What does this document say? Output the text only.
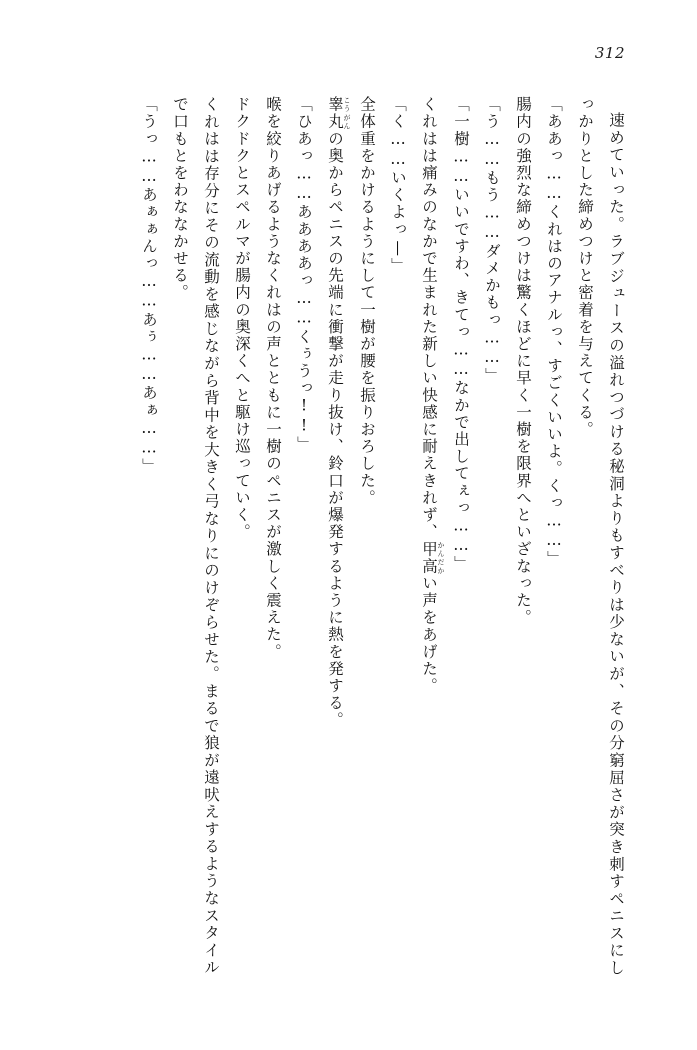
312

速めていった。ラブジュースの溢れつづける秘洞よりもすべりは少ないが、その分窮屈さが突き刺すペニスにしっかりとした締めつけと密着を与えてくる。

「ああっ……くれはのアナルっ、すごくいいよ。くっ……」

腸内の強烈な締めつけは驚くほどに早く一樹を限界へといざなった。

「う……もう……ダメかもっ……」

「一樹……いいですわ、きてっ……なかで出してぇっ……」

くれはは痛みのなかで生まれた新しい快感に耐えきれず、甲高 かんだかい声をあげた。

「く……いくよっ—」

全体重をかけるようにして一樹が腰を振りおろした。

睾丸 こうがんの奥からペニスの先端に衝撃が走り抜け、鈴口が爆発するように熱を発する。

「ひあっ……ああああっ……くぅうっ!!」

喉を絞りあげるようなくれはの声とともに一樹のペニスが激しく震えた。

ドクドクとスペルマが腸内の奥深くへと駆け巡っていく。

くれはは存分にその流動を感じながら背中を大きく弓なりにのけぞらせた。まるで狼が遠吠えするようなスタイルで口もとをわななかせる。

「うっ……あぁぁんっ……あぅ……あぁ……」
